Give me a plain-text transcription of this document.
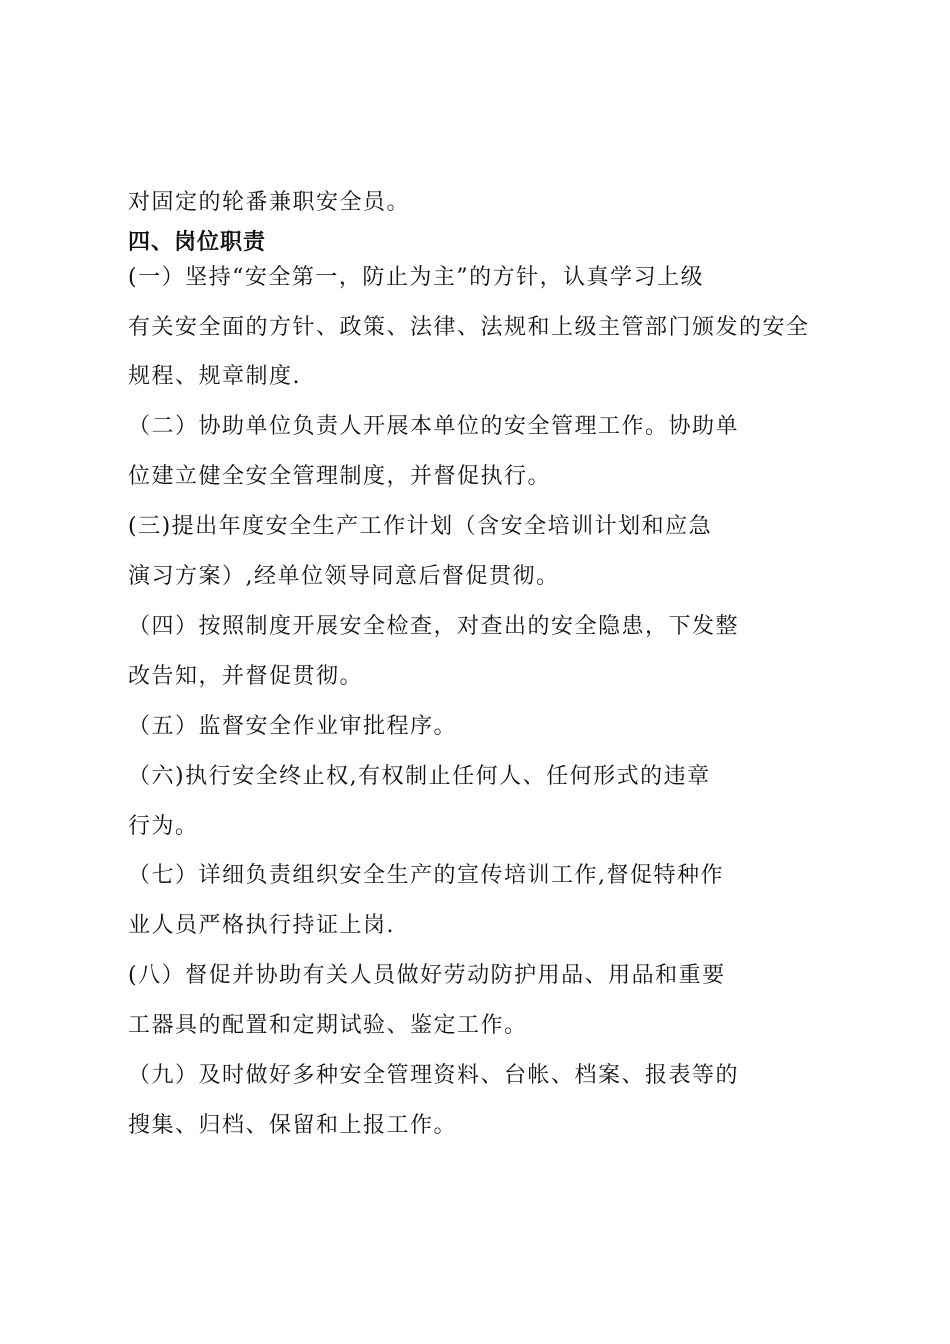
对固定的轮番兼职安全员。
四、岗位职责
(一）坚持“安全第一，防止为主”的方针，认真学习上级
有关安全面的方针、政策、法律、法规和上级主管部门颁发的安全
规程、规章制度.
（二）协助单位负责人开展本单位的安全管理工作。协助单
位建立健全安全管理制度，并督促执行。
(三)提出年度安全生产工作计划（含安全培训计划和应急
演习方案）,经单位领导同意后督促贯彻。
（四）按照制度开展安全检查，对查出的安全隐患，下发整
改告知，并督促贯彻。
（五）监督安全作业审批程序。
（六)执行安全终止权,有权制止任何人、任何形式的违章
行为。
（七）详细负责组织安全生产的宣传培训工作,督促特种作
业人员严格执行持证上岗.
(八）督促并协助有关人员做好劳动防护用品、用品和重要
工器具的配置和定期试验、鉴定工作。
（九）及时做好多种安全管理资料、台帐、档案、报表等的
搜集、归档、保留和上报工作。
